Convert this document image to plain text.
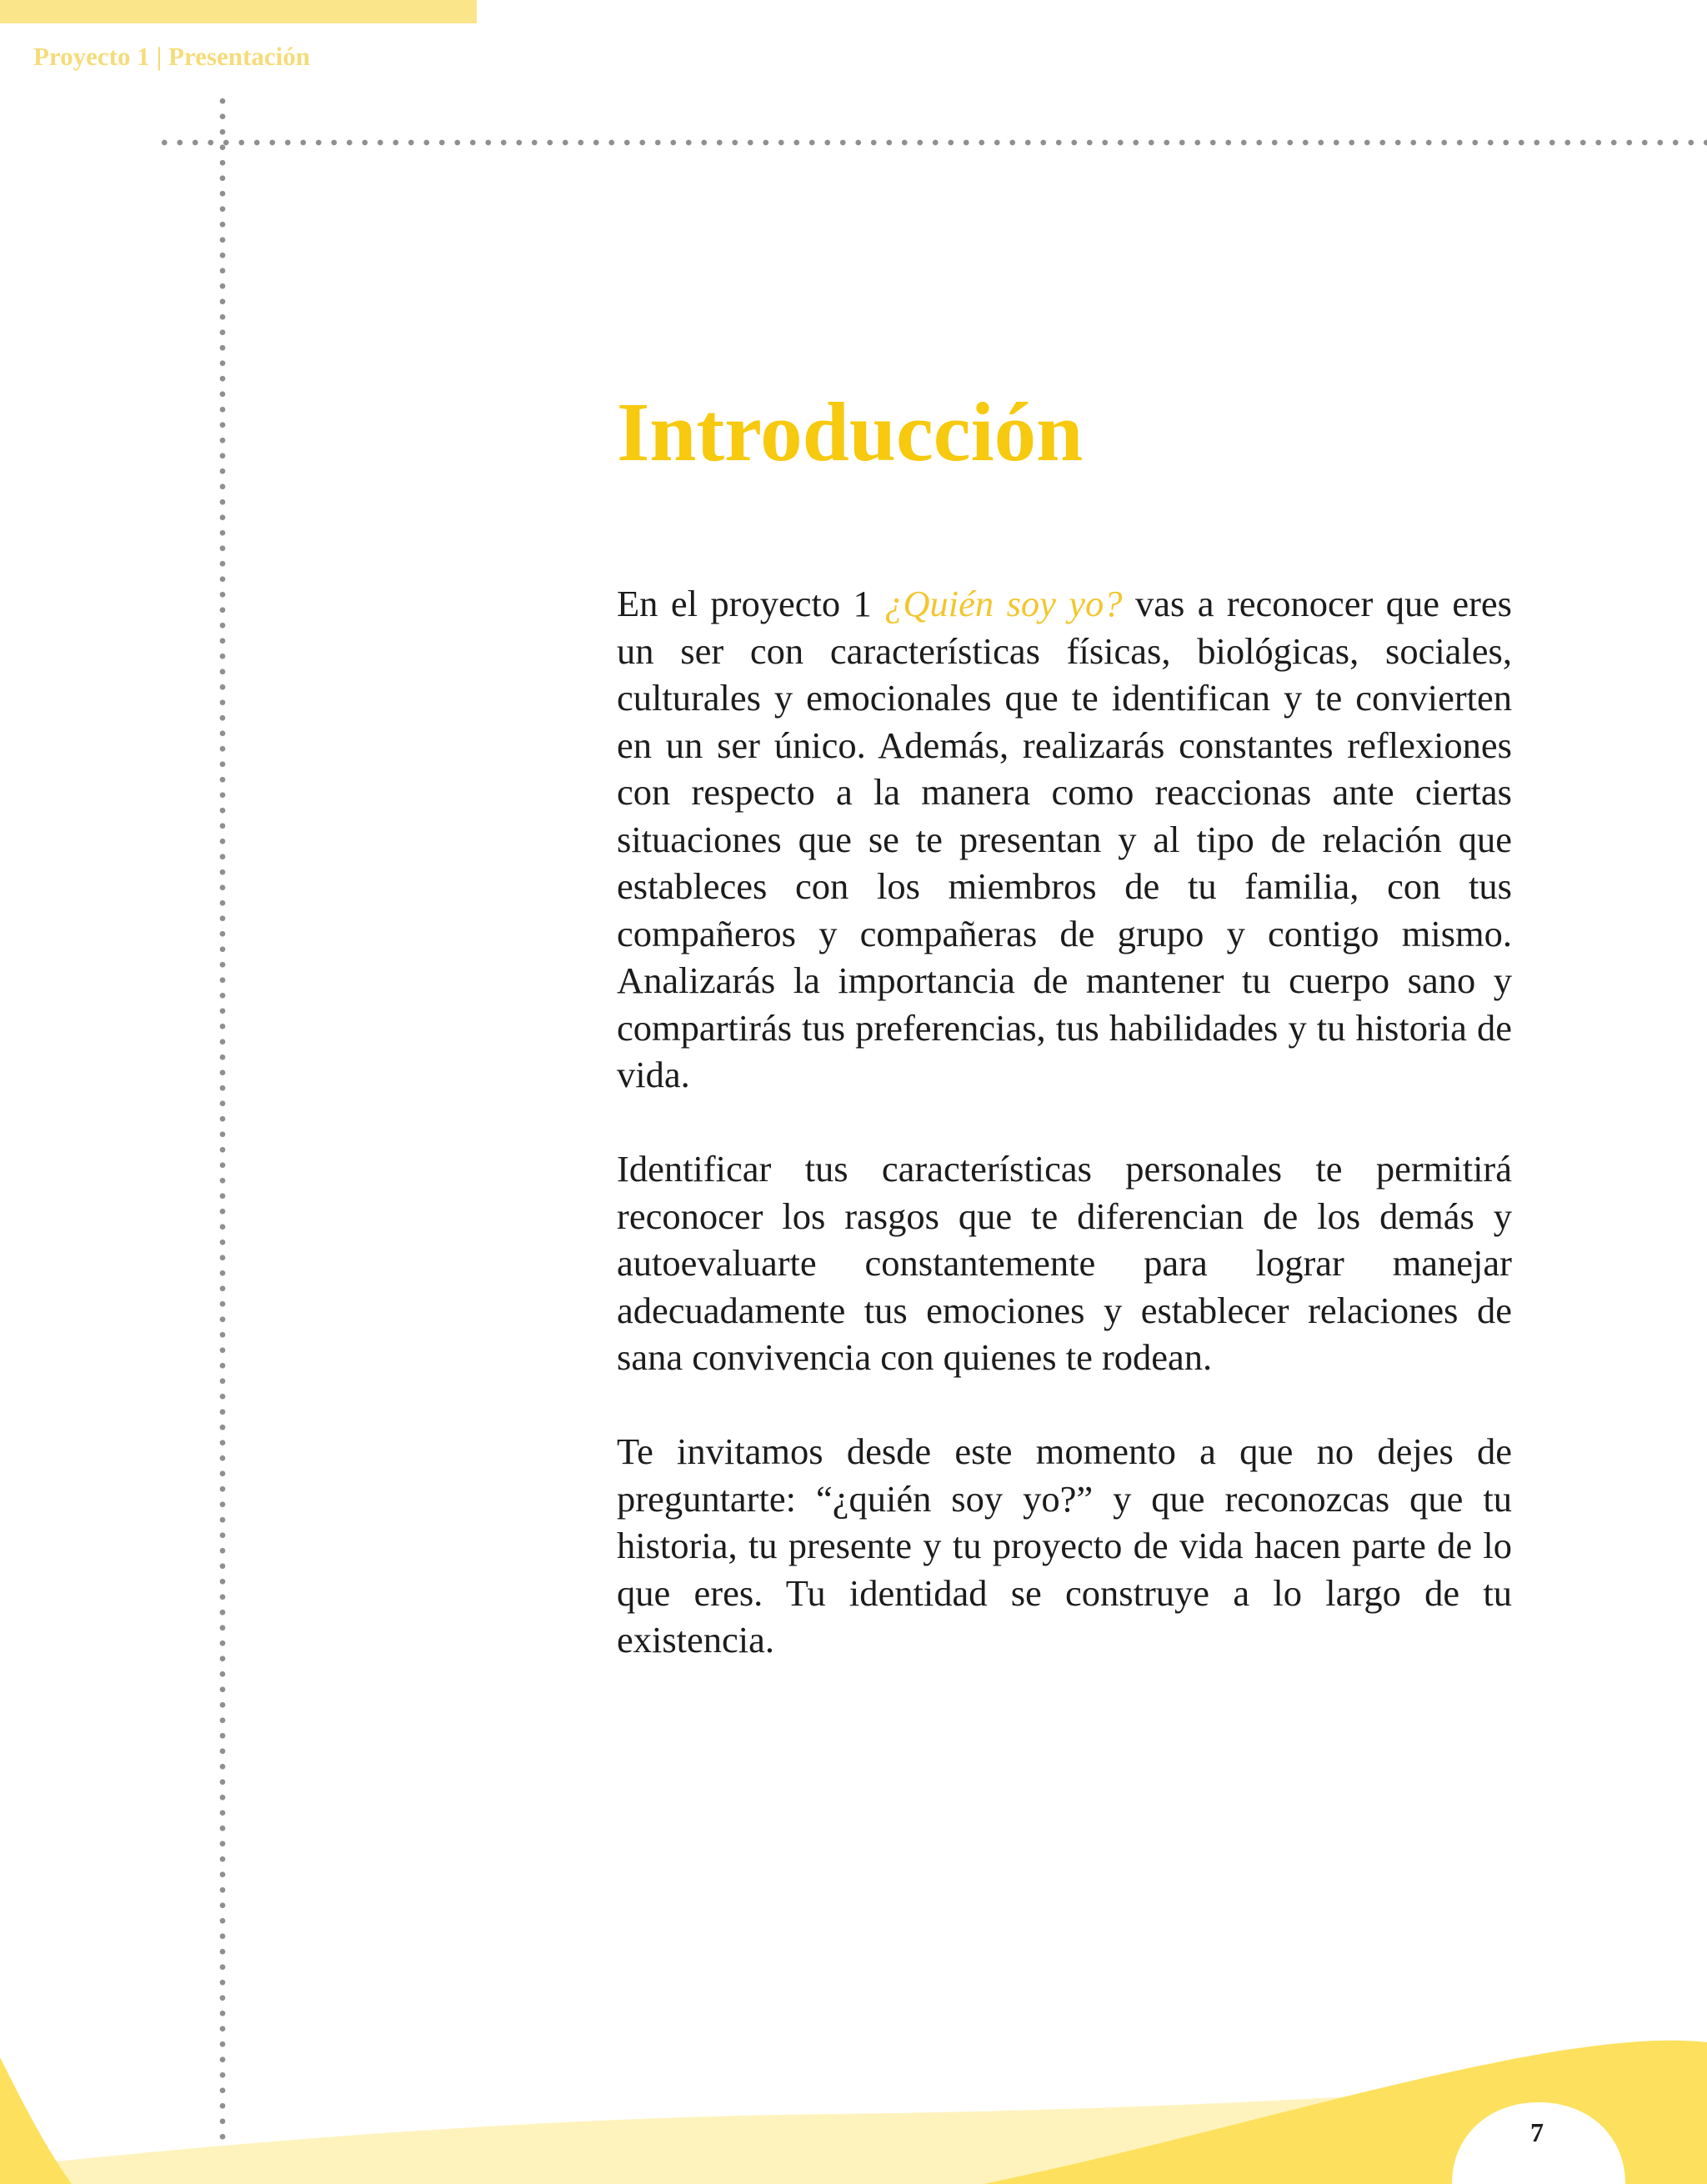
Proyecto 1 | Presentación
Introducción

En el proyecto 1 ¿Quién soy yo? vas a reconocer que eres un ser con características físicas, biológicas, sociales, culturales y emocionales que te identifican y te convierten en un ser único. Además, realizarás constantes reflexiones con respecto a la manera como reaccionas ante ciertas situaciones que se te presentan y al tipo de relación que estableces con los miembros de tu familia, con tus compañeros y compañeras de grupo y contigo mismo. Analizarás la importancia de mantener tu cuerpo sano y compartirás tus preferencias, tus habilidades y tu historia de vida.

Identificar tus características personales te permitirá reconocer los rasgos que te diferencian de los demás y autoevaluarte constantemente para lograr manejar adecuadamente tus emociones y establecer relaciones de sana convivencia con quienes te rodean.

Te invitamos desde este momento a que no dejes de preguntarte: “¿quién soy yo?” y que reconozcas que tu historia, tu presente y tu proyecto de vida hacen parte de lo que eres. Tu identidad se construye a lo largo de tu existencia.

7
